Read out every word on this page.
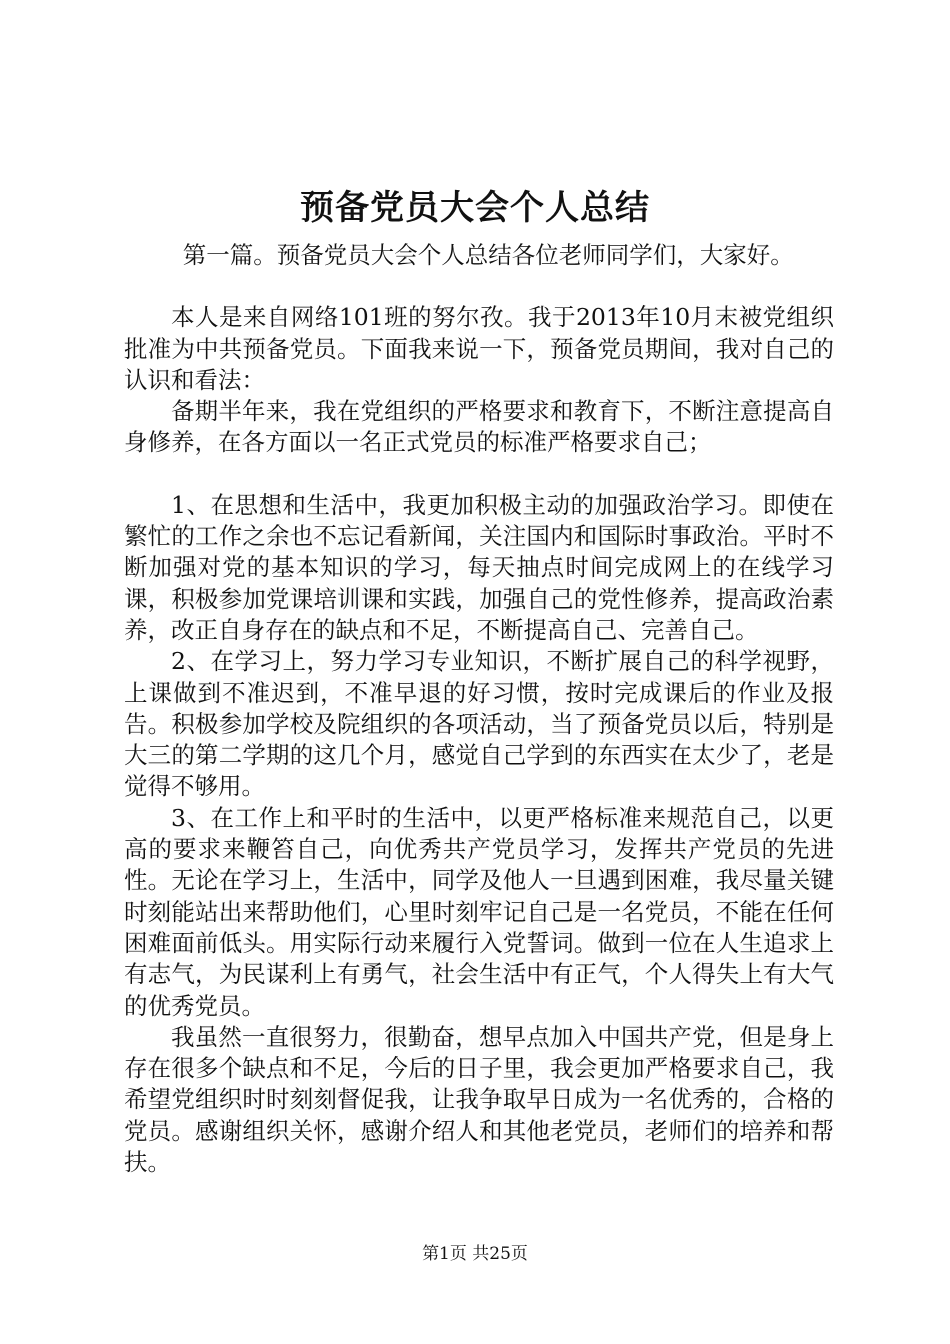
预备党员大会个人总结

第一篇。预备党员大会个人总结各位老师同学们，大家好。

本人是来自网络101班的努尔孜。我于2013年10月末被党组织批准为中共预备党员。下面我来说一下，预备党员期间，我对自己的认识和看法：

备期半年来，我在党组织的严格要求和教育下，不断注意提高自身修养，在各方面以一名正式党员的标准严格要求自己；

1、在思想和生活中，我更加积极主动的加强政治学习。即使在繁忙的工作之余也不忘记看新闻，关注国内和国际时事政治。平时不断加强对党的基本知识的学习，每天抽点时间完成网上的在线学习课，积极参加党课培训课和实践，加强自己的党性修养，提高政治素养，改正自身存在的缺点和不足，不断提高自己、完善自己。

2、在学习上，努力学习专业知识，不断扩展自己的科学视野，上课做到不准迟到，不准早退的好习惯，按时完成课后的作业及报告。积极参加学校及院组织的各项活动，当了预备党员以后，特别是大三的第二学期的这几个月，感觉自己学到的东西实在太少了，老是觉得不够用。

3、在工作上和平时的生活中，以更严格标准来规范自己，以更高的要求来鞭笞自己，向优秀共产党员学习，发挥共产党员的先进性。无论在学习上，生活中，同学及他人一旦遇到困难，我尽量关键时刻能站出来帮助他们，心里时刻牢记自己是一名党员，不能在任何困难面前低头。用实际行动来履行入党誓词。做到一位在人生追求上有志气，为民谋利上有勇气，社会生活中有正气，个人得失上有大气的优秀党员。

我虽然一直很努力，很勤奋，想早点加入中国共产党，但是身上存在很多个缺点和不足，今后的日子里，我会更加严格要求自己，我希望党组织时时刻刻督促我，让我争取早日成为一名优秀的，合格的党员。感谢组织关怀，感谢介绍人和其他老党员，老师们的培养和帮扶。

第1页 共25页
